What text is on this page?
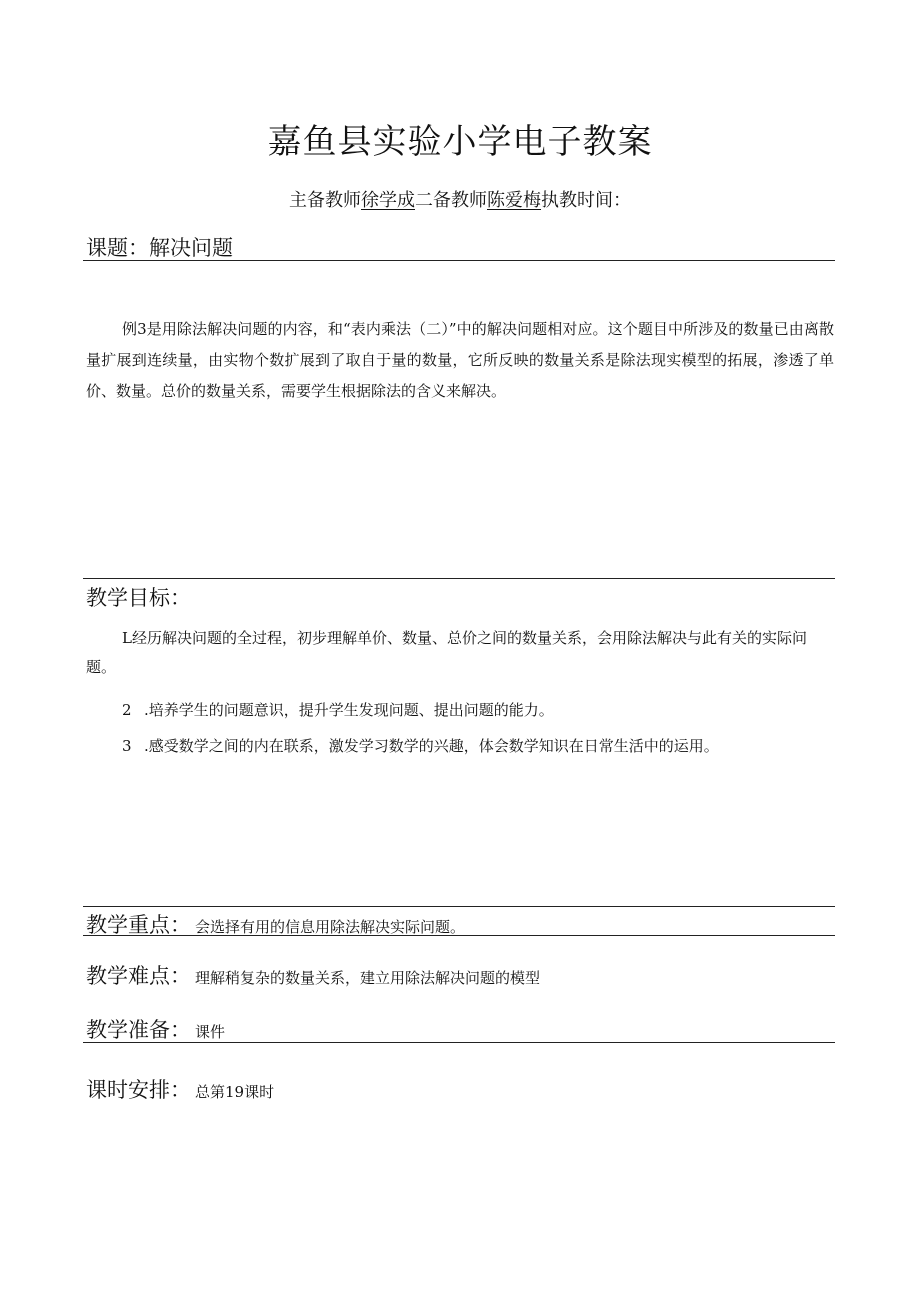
嘉鱼县实验小学电子教案
主备教师徐学成二备教师陈爱梅执教时间：
课题：解决问题
例3是用除法解决问题的内容，和“表内乘法（二）”中的解决问题相对应。这个题目中所涉及的数量已由离散量扩展到连续量，由实物个数扩展到了取自于量的数量，它所反映的数量关系是除法现实模型的拓展，渗透了单价、数量。总价的数量关系，需要学生根据除法的含义来解决。
教学目标：
L经历解决问题的全过程，初步理解单价、数量、总价之间的数量关系，会用除法解决与此有关的实际问题。
2 .培养学生的问题意识，提升学生发现问题、提出问题的能力。
3 .感受数学之间的内在联系，激发学习数学的兴趣，体会数学知识在日常生活中的运用。
教学重点： 会选择有用的信息用除法解决实际问题。
教学难点： 理解稍复杂的数量关系，建立用除法解决问题的模型
教学准备： 课件
课时安排： 总第19课时
